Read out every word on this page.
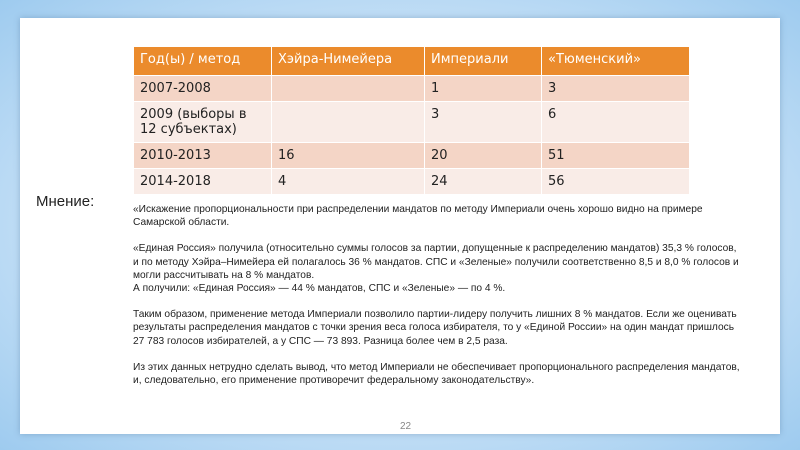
Год(ы) / метод	Хэйра-Нимейера	Империали	«Тюменский»
2007-2008		1	3
2009 (выборы в 12 субъектах)		3	6
2010-2013	16	20	51
2014-2018	4	24	56
Мнение:	«Искажение пропорциональности при распределении мандатов по методу Империали очень хорошо видно на примере Самарской области.

«Единая Россия» получила (относительно суммы голосов за партии, допущенные к распределению мандатов) 35,3 % голосов, и по методу Хэйра–Нимейера ей полагалось 36 % мандатов. СПС и «Зеленые» получили соответственно 8,5 и 8,0 % голосов и могли рассчитывать на 8 % мандатов.
А получили: «Единая Россия» — 44 % мандатов, СПС и «Зеленые» — по 4 %.

Таким образом, применение метода Империали позволило партии-лидеру получить лишних 8 % мандатов. Если же оценивать результаты распределения мандатов с точки зрения веса голоса избирателя, то у «Единой России» на один мандат пришлось 27 783 голосов избирателей, а у СПС — 73 893. Разница более чем в 2,5 раза.

Из этих данных нетрудно сделать вывод, что метод Империали не обеспечивает пропорционального распределения мандатов, и, следовательно, его применение противоречит федеральному законодательству».

22
